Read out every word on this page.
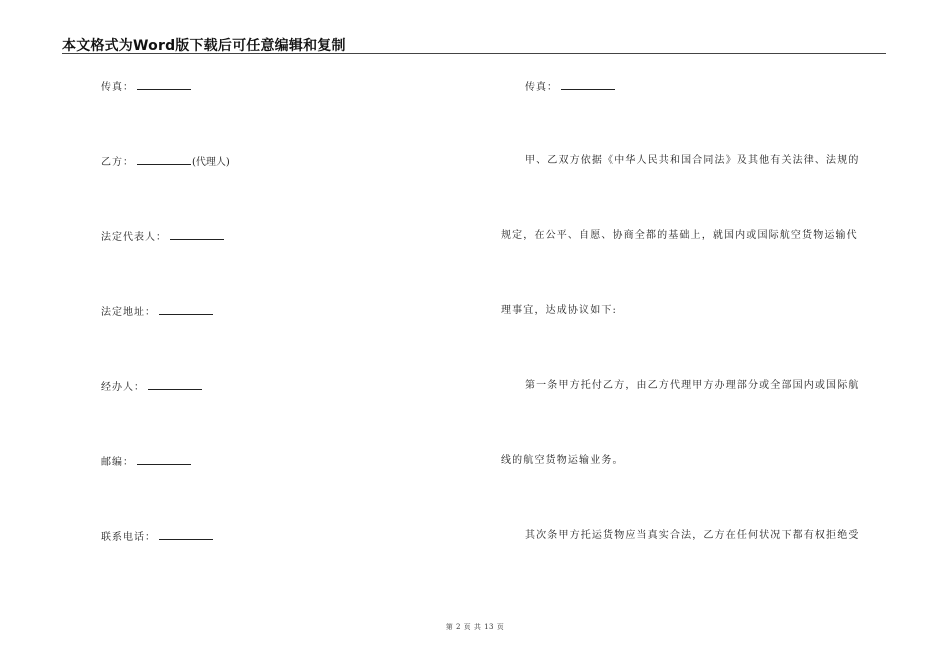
本文格式为Word版下载后可任意编辑和复制
传真：
乙方：	(代理人)
法定代表人：
法定地址：
经办人：
邮编：
联系电话：
传真：
甲、乙双方依据《中华人民共和国合同法》及其他有关法律、法规的
规定，在公平、自愿、协商全都的基础上，就国内或国际航空货物运输代
理事宜，达成协议如下:
第一条甲方托付乙方，由乙方代理甲方办理部分或全部国内或国际航
线的航空货物运输业务。
其次条甲方托运货物应当真实合法，乙方在任何状况下都有权拒绝受
第 2 页 共 13 页
